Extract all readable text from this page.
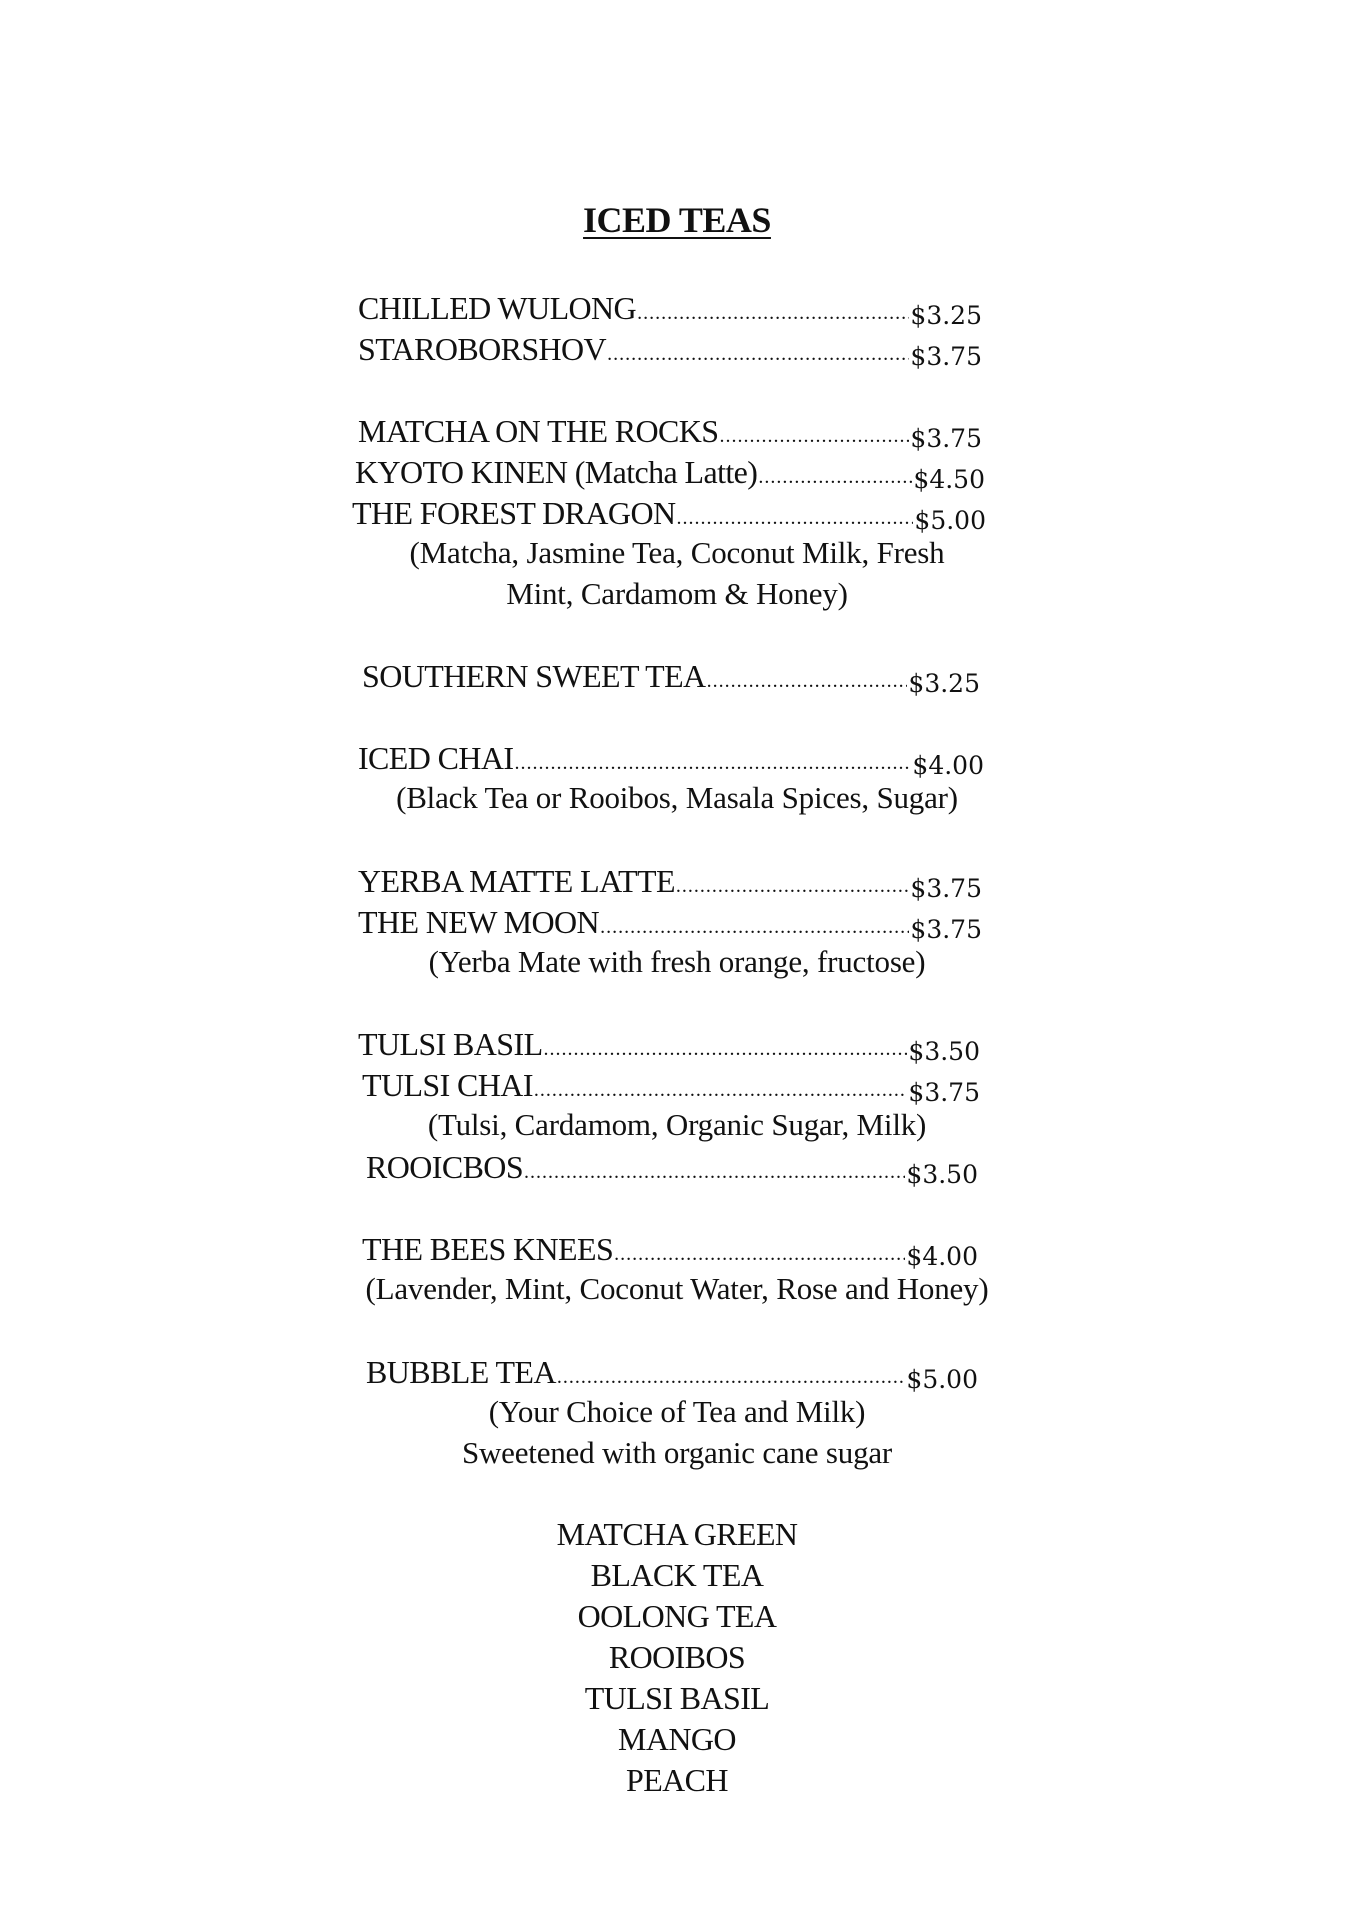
ICED TEAS
CHILLED WULONG .....	$3.25
STAROBORSHOV .....	$3.75
MATCHA ON THE ROCKS .....	$3.75
KYOTO KINEN (Matcha Latte) .....	$4.50
THE FOREST DRAGON .....	$5.00
(Matcha, Jasmine Tea, Coconut Milk, Fresh
Mint, Cardamom & Honey)
SOUTHERN SWEET TEA .....	$3.25
ICED CHAI .....	$4.00
(Black Tea or Rooibos, Masala Spices, Sugar)
YERBA MATTE LATTE .....	$3.75
THE NEW MOON .....	$3.75
(Yerba Mate with fresh orange, fructose)
TULSI BASIL .....	$3.50
TULSI CHAI .....	$3.75
(Tulsi, Cardamom, Organic Sugar, Milk)
ROOICBOS .....	$3.50
THE BEES KNEES .....	$4.00
(Lavender, Mint, Coconut Water, Rose and Honey)
BUBBLE TEA .....	$5.00
(Your Choice of Tea and Milk)
Sweetened with organic cane sugar
MATCHA GREEN
BLACK TEA
OOLONG TEA
ROOIBOS
TULSI BASIL
MANGO
PEACH
